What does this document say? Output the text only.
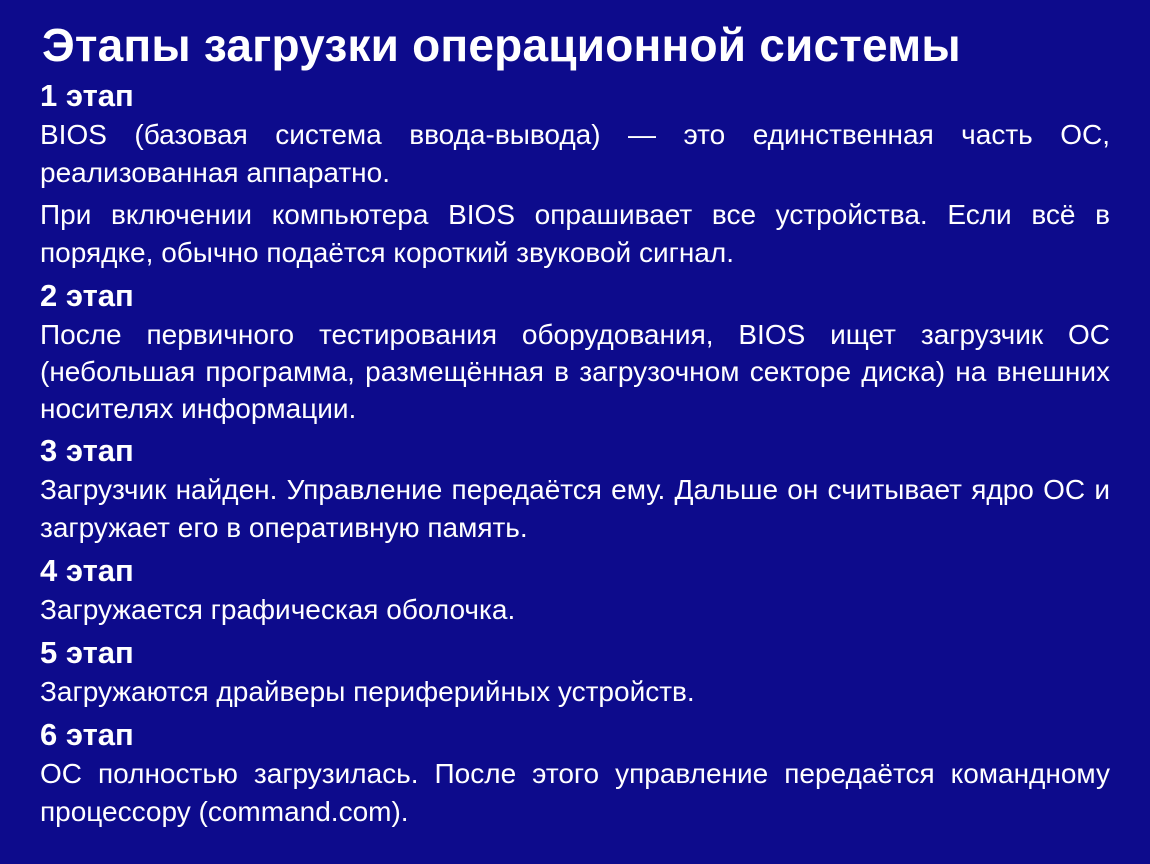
Этапы загрузки операционной системы
1 этап

BIOS (базовая система ввода-вывода) — это единственная часть ОС, реализованная аппаратно.

При включении компьютера BIOS опрашивает все устройства. Если всё в порядке, обычно подаётся короткий звуковой сигнал.

2 этап

После первичного тестирования оборудования, BIOS ищет загрузчик ОС (небольшая программа, размещённая в загрузочном секторе диска) на внешних носителях информации.

3 этап

Загрузчик найден. Управление передаётся ему. Дальше он считывает ядро ОС и загружает его в оперативную память.

4 этап

Загружается графическая оболочка.

5 этап

Загружаются драйверы периферийных устройств.

6 этап

ОС полностью загрузилась. После этого управление передаётся командному процессору (command.com).
